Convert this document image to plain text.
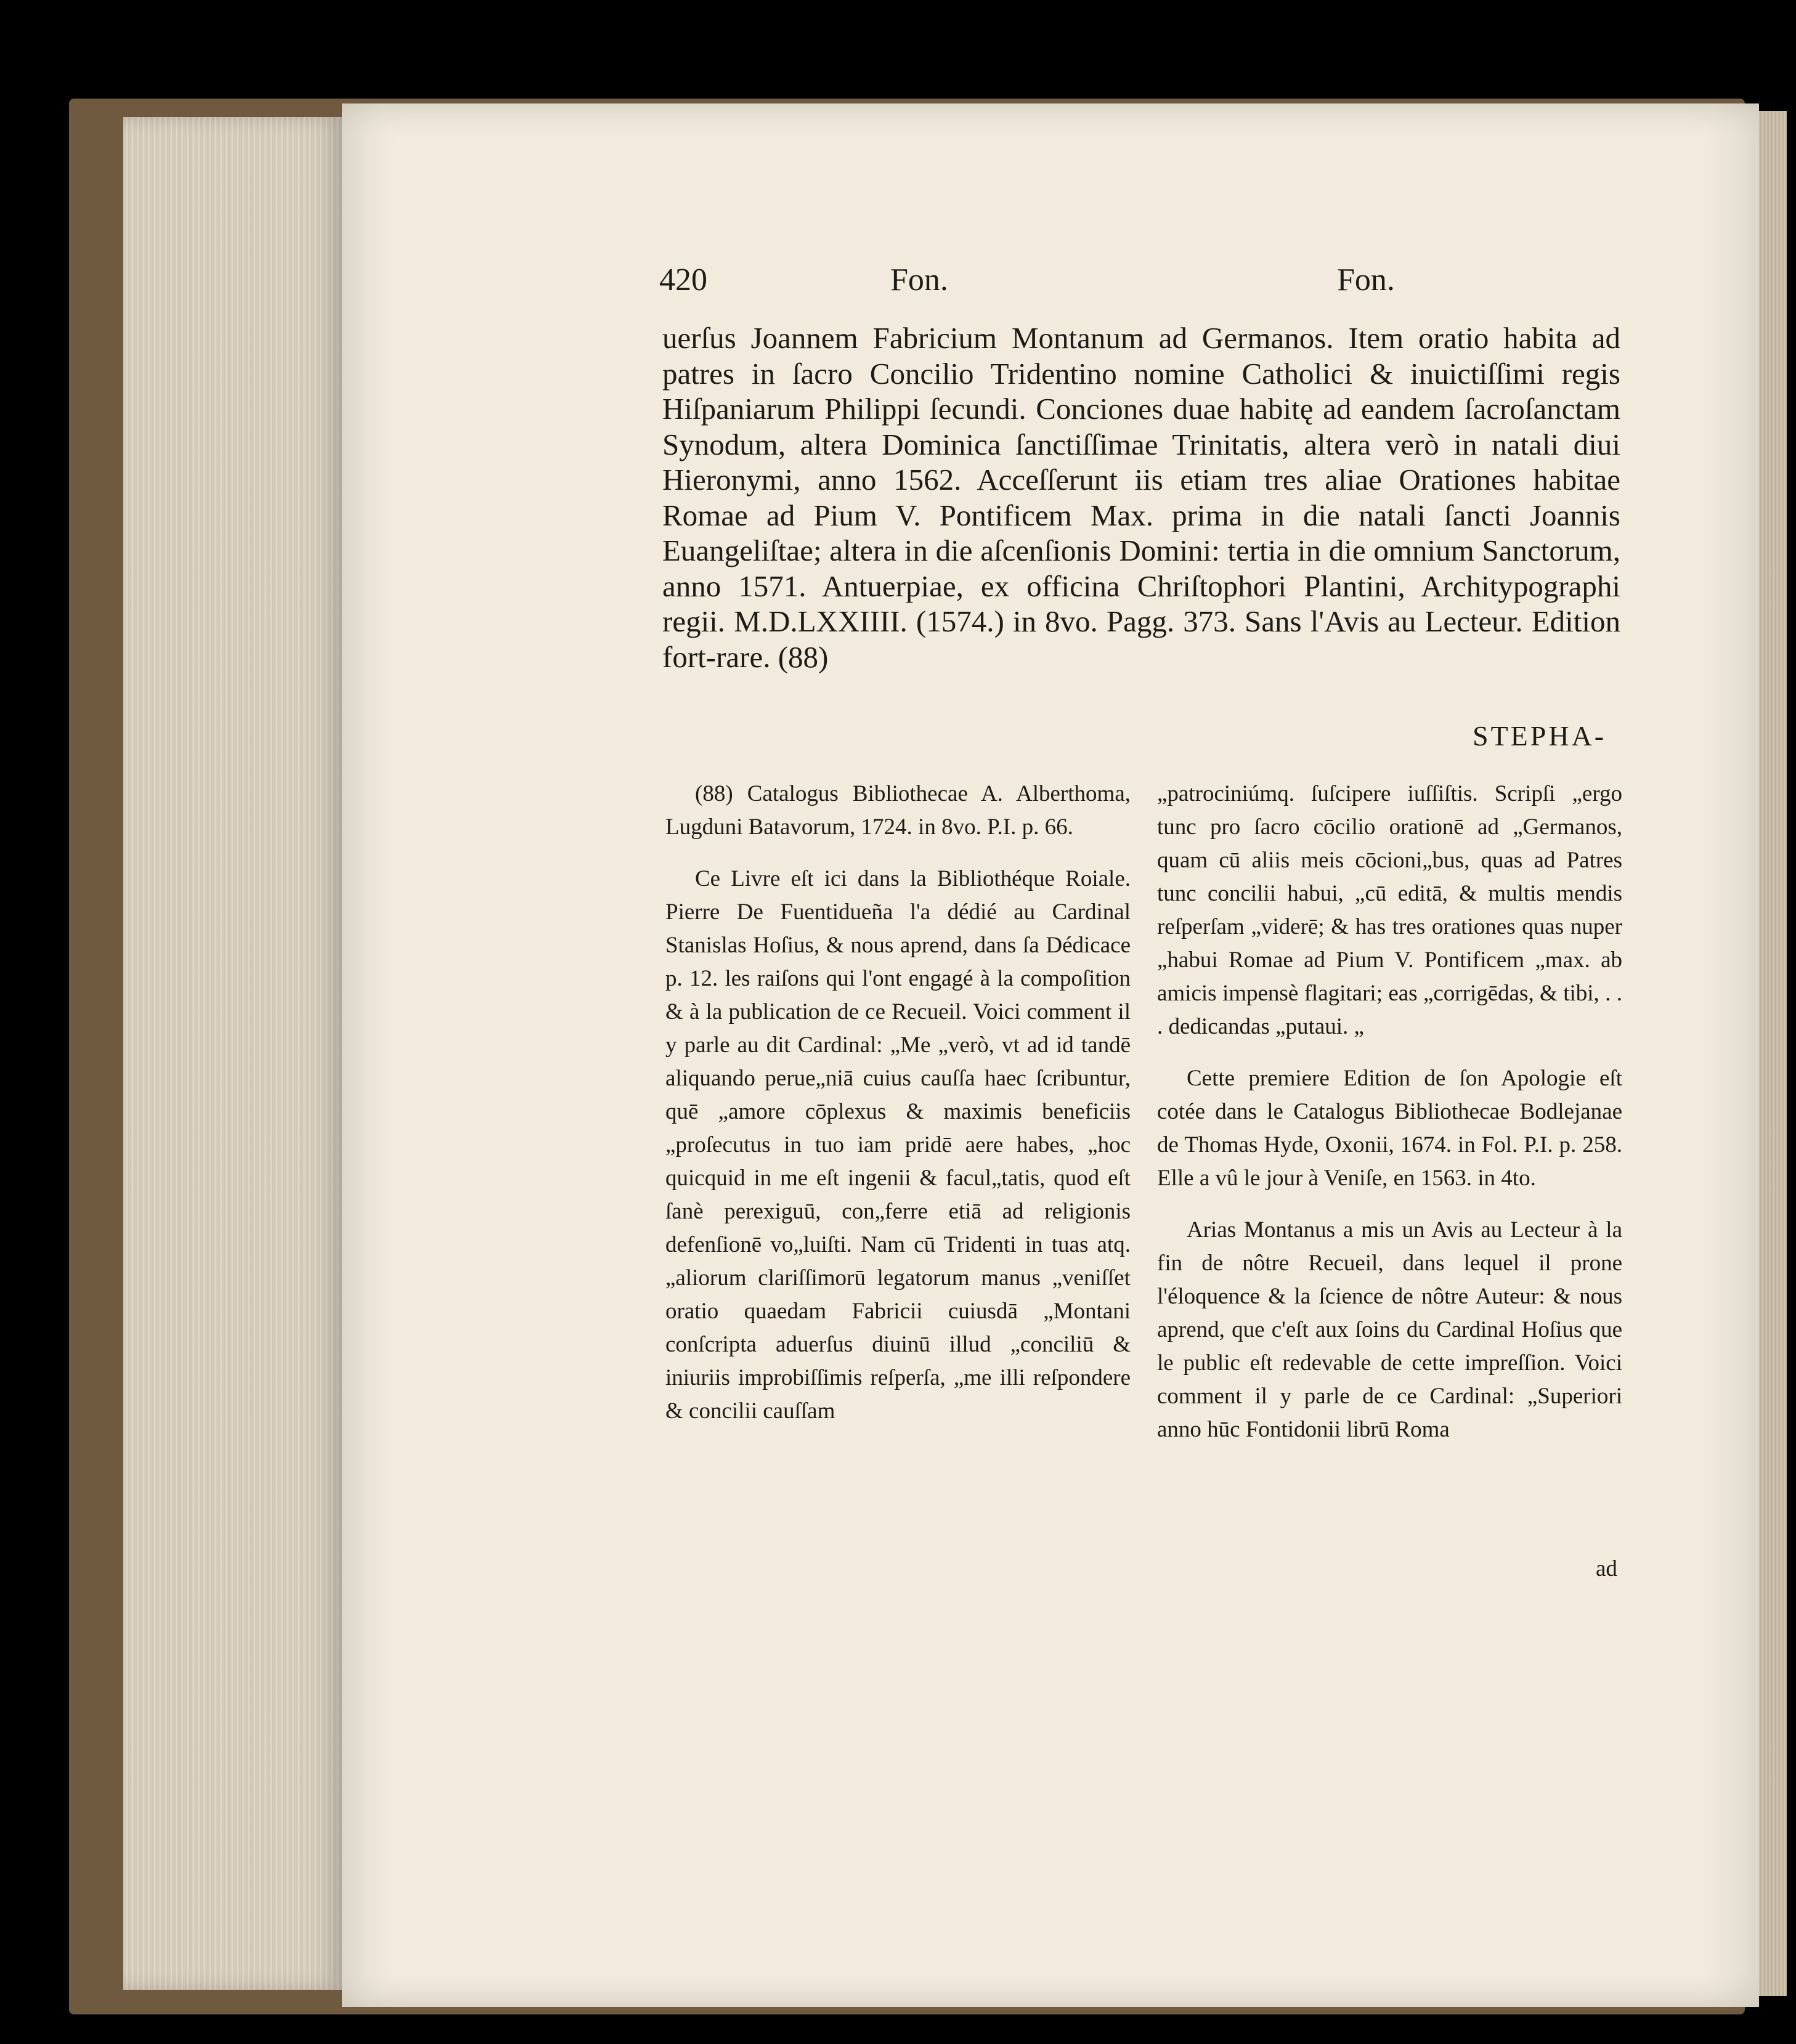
420	Fon.	Fon.

uerſus Joannem Fabricium Montanum ad Germanos. Item oratio habita ad patres in ſacro Concilio Tridentino nomine Catholici & inuictiſſimi regis Hiſpaniarum Philippi ſecundi. Conciones duae habitę ad eandem ſacroſanctam Synodum, altera Dominica ſanctiſſimae Trinitatis, altera verò in natali diui Hieronymi, anno 1562. Acceſſerunt iis etiam tres aliae Orationes habitae Romae ad Pium V. Pontificem Max. prima in die natali ſancti Joannis Euangeliſtae; altera in die aſcenſionis Domini: tertia in die omnium Sanctorum, anno 1571. Antuerpiae, ex officina Chriſtophori Plantini, Architypographi regii. M.D.LXXIIII. (1574.) in 8vo. Pagg. 373. Sans l'Avis au Lecteur. Edition fort-rare. (88)

STEPHA-

(88) Catalogus Bibliothecae A. Alberthoma, Lugduni Batavorum, 1724. in 8vo. P.I. p. 66.

Ce Livre eſt ici dans la Bibliothéque Roiale. Pierre De Fuentidueña l'a dédié au Cardinal Stanislas Hoſius, & nous aprend, dans ſa Dédicace p. 12. les raiſons qui l'ont engagé à la compoſition & à la publication de ce Recueil. Voici comment il y parle au dit Cardinal: „Me „verò, vt ad id tandē aliquando perue„niā cuius cauſſa haec ſcribuntur, quē „amore cōplexus & maximis beneficiis „proſecutus in tuo iam pridē aere habes, „hoc quicquid in me eſt ingenii & facul„tatis, quod eſt ſanè perexiguū, con„ferre etiā ad religionis defenſionē vo„luiſti. Nam cū Tridenti in tuas atq. „aliorum clariſſimorū legatorum manus „veniſſet oratio quaedam Fabricii cuiusdā „Montani conſcripta aduerſus diuinū illud „conciliū & iniuriis improbiſſimis reſperſa, „me illi reſpondere & concilii cauſſam

„patrociniúmq. ſuſcipere iuſſiſtis. Scripſi „ergo tunc pro ſacro cōcilio orationē ad „Germanos, quam cū aliis meis cōcioni„bus, quas ad Patres tunc concilii habui, „cū editā, & multis mendis reſperſam „viderē; & has tres orationes quas nuper „habui Romae ad Pium V. Pontificem „max. ab amicis impensè flagitari; eas „corrigēdas, & tibi, . . . dedicandas „putaui. „

Cette premiere Edition de ſon Apologie eſt cotée dans le Catalogus Bibliothecae Bodlejanae de Thomas Hyde, Oxonii, 1674. in Fol. P.I. p. 258. Elle a vû le jour à Veniſe, en 1563. in 4to.

Arias Montanus a mis un Avis au Lecteur à la fin de nôtre Recueil, dans lequel il prone l'éloquence & la ſcience de nôtre Auteur: & nous aprend, que c'eſt aux ſoins du Cardinal Hoſius que le public eſt redevable de cette impreſſion. Voici comment il y parle de ce Cardinal: „Superiori anno hūc Fontidonii librū Roma

ad
